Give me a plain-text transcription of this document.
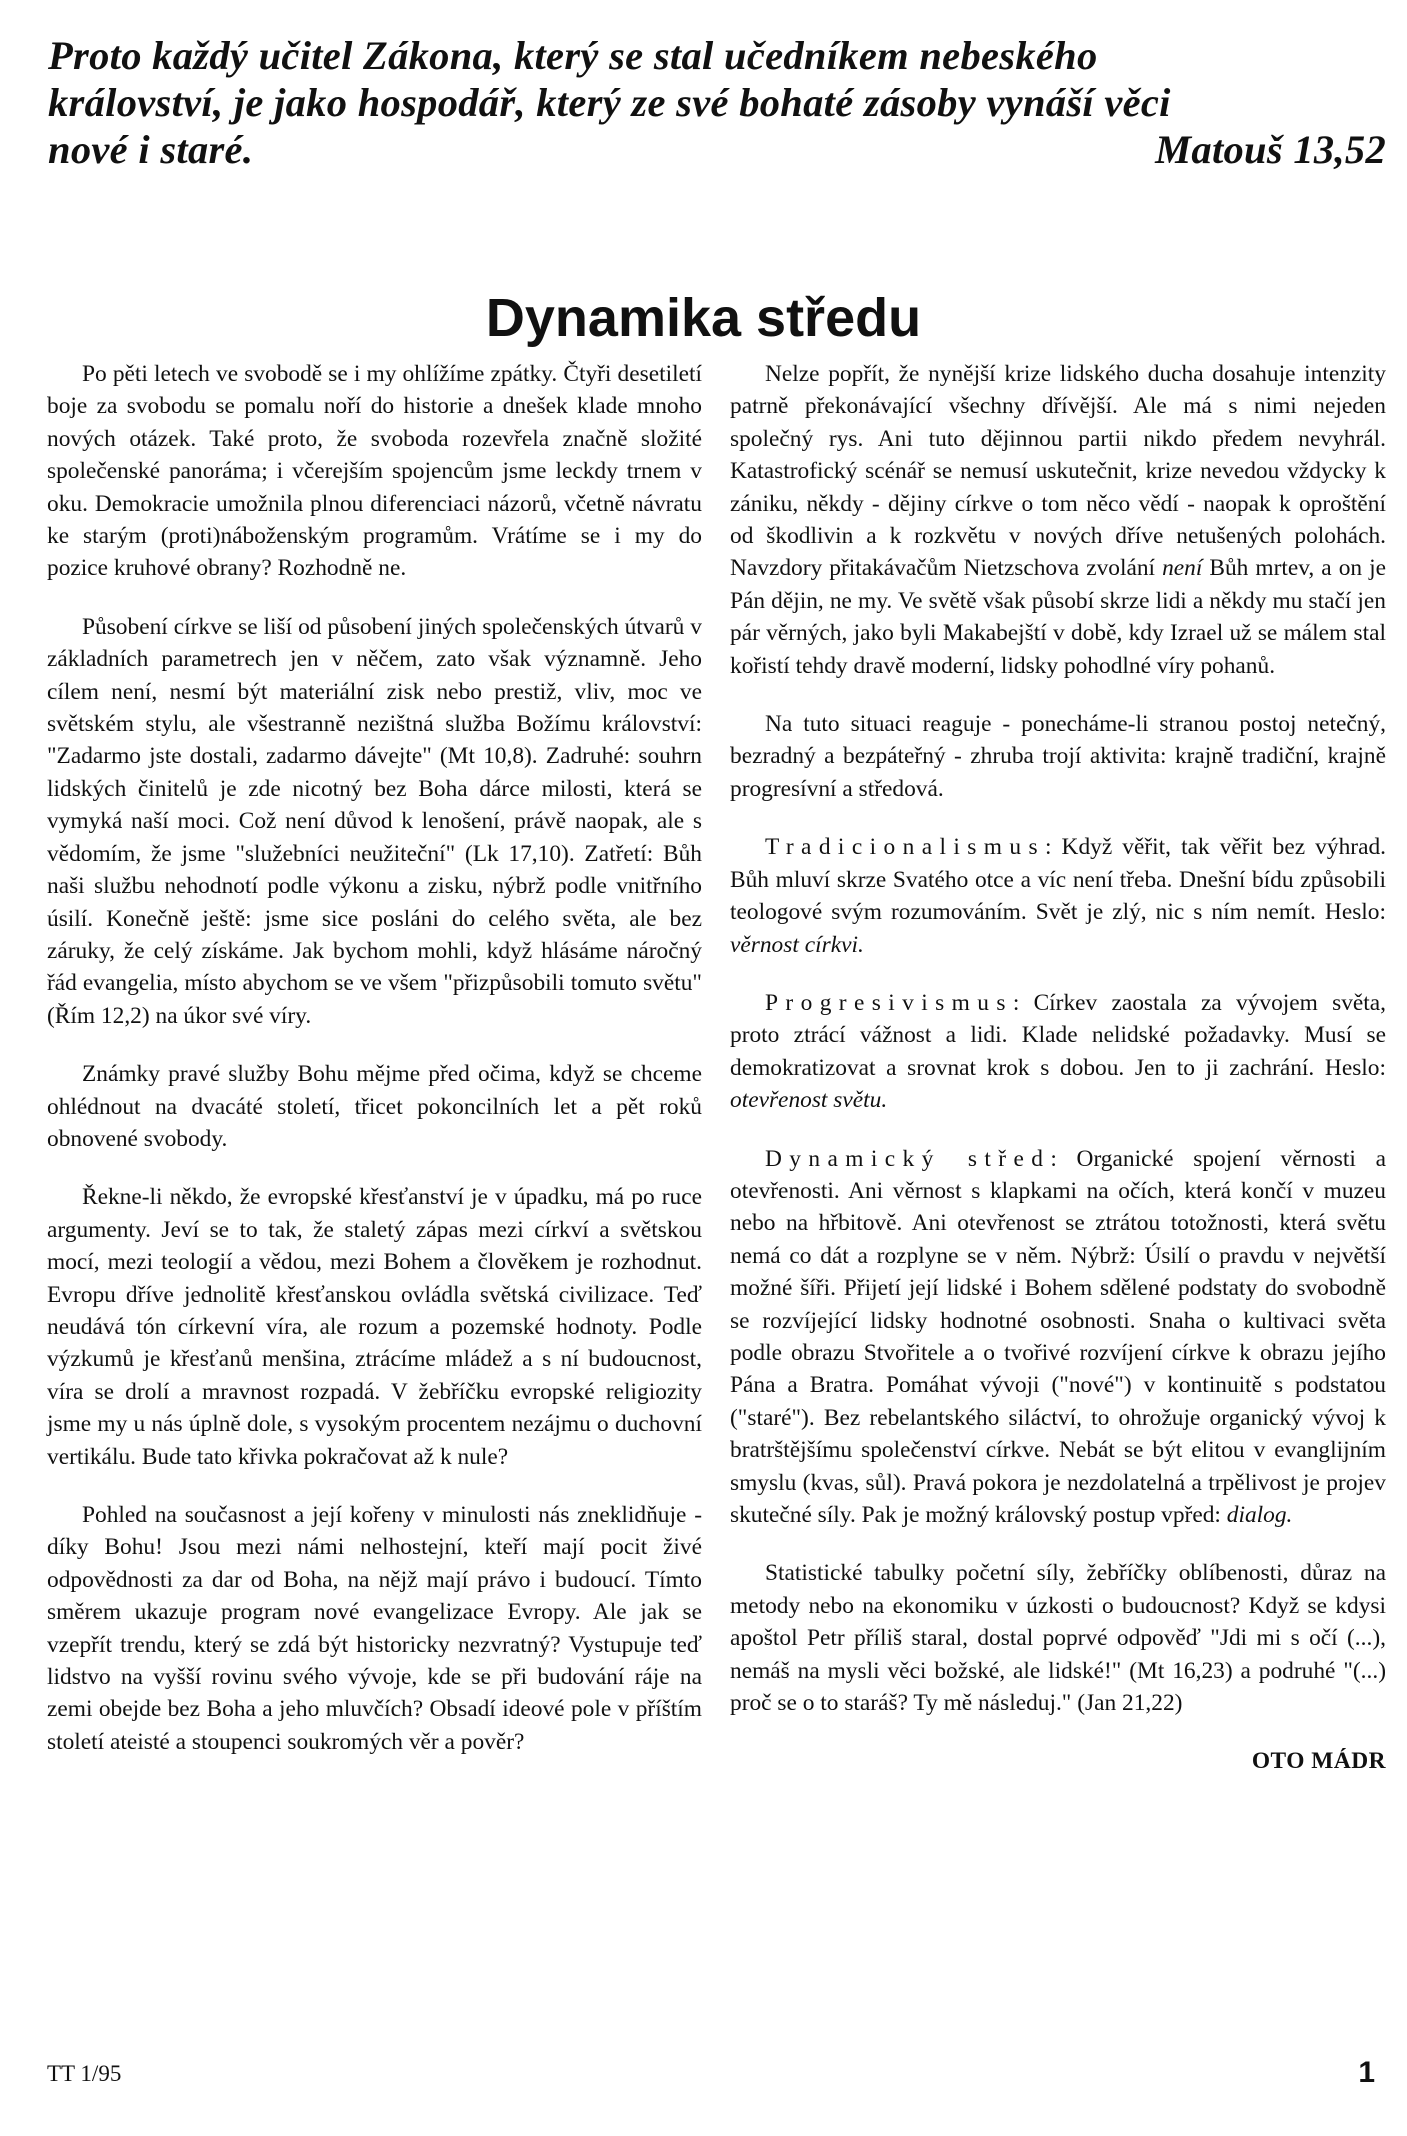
Proto každý učitel Zákona, který se stal učedníkem nebeského
království, je jako hospodář, který ze své bohaté zásoby vynáší věci
nové i staré.	Matouš 13,52
Dynamika středu

Po pěti letech ve svobodě se i my ohlížíme zpátky. Čtyři desetiletí boje za svobodu se pomalu noří do historie a dnešek klade mnoho nových otázek. Také proto, že svoboda rozevřela značně složité společenské panoráma; i včerejším spojencům jsme leckdy trnem v oku. Demokracie umožnila plnou diferenciaci názorů, včetně návratu ke starým (proti)náboženským programům. Vrátíme se i my do pozice kruhové obrany? Rozhodně ne.

Působení církve se liší od působení jiných společenských útvarů v základních parametrech jen v něčem, zato však významně. Jeho cílem není, nesmí být materiální zisk nebo prestiž, vliv, moc ve světském stylu, ale všestranně nezištná služba Božímu království: "Zadarmo jste dostali, zadarmo dávejte" (Mt 10,8). Zadruhé: souhrn lidských činitelů je zde nicotný bez Boha dárce milosti, která se vymyká naší moci. Což není důvod k lenošení, právě naopak, ale s vědomím, že jsme "služebníci neužiteční" (Lk 17,10). Zatřetí: Bůh naši službu nehodnotí podle výkonu a zisku, nýbrž podle vnitřního úsilí. Konečně ještě: jsme sice posláni do celého světa, ale bez záruky, že celý získáme. Jak bychom mohli, když hlásáme náročný řád evangelia, místo abychom se ve všem "přizpůsobili tomuto světu" (Řím 12,2) na úkor své víry.

Známky pravé služby Bohu mějme před očima, když se chceme ohlédnout na dvacáté století, třicet pokoncilních let a pět roků obnovené svobody.

Řekne-li někdo, že evropské křesťanství je v úpadku, má po ruce argumenty. Jeví se to tak, že staletý zápas mezi církví a světskou mocí, mezi teologií a vědou, mezi Bohem a člověkem je rozhodnut. Evropu dříve jednolitě křesťanskou ovládla světská civilizace. Teď neudává tón církevní víra, ale rozum a pozemské hodnoty. Podle výzkumů je křesťanů menšina, ztrácíme mládež a s ní budoucnost, víra se drolí a mravnost rozpadá. V žebříčku evropské religiozity jsme my u nás úplně dole, s vysokým procentem nezájmu o duchovní vertikálu. Bude tato křivka pokračovat až k nule?

Pohled na současnost a její kořeny v minulosti nás zneklidňuje - díky Bohu! Jsou mezi námi nelhostejní, kteří mají pocit živé odpovědnosti za dar od Boha, na nějž mají právo i budoucí. Tímto směrem ukazuje program nové evangelizace Evropy. Ale jak se vzepřít trendu, který se zdá být historicky nezvratný? Vystupuje teď lidstvo na vyšší rovinu svého vývoje, kde se při budování ráje na zemi obejde bez Boha a jeho mluvčích? Obsadí ideové pole v příštím století ateisté a stoupenci soukromých věr a pověr?

Nelze popřít, že nynější krize lidského ducha dosahuje intenzity patrně překonávající všechny dřívější. Ale má s nimi nejeden společný rys. Ani tuto dějinnou partii nikdo předem nevyhrál. Katastrofický scénář se nemusí uskutečnit, krize nevedou vždycky k zániku, někdy - dějiny církve o tom něco vědí - naopak k oproštění od škodlivin a k rozkvětu v nových dříve netušených polohách. Navzdory přitakávačům Nietzschova zvolání není Bůh mrtev, a on je Pán dějin, ne my. Ve světě však působí skrze lidi a někdy mu stačí jen pár věrných, jako byli Makabejští v době, kdy Izrael už se málem stal kořistí tehdy dravě moderní, lidsky pohodlné víry pohanů.

Na tuto situaci reaguje - ponecháme-li stranou postoj netečný, bezradný a bezpáteřný - zhruba trojí aktivita: krajně tradiční, krajně progresívní a středová.

Tradicionalismus: Když věřit, tak věřit bez výhrad. Bůh mluví skrze Svatého otce a víc není třeba. Dnešní bídu způsobili teologové svým rozumováním. Svět je zlý, nic s ním nemít. Heslo: věrnost církvi.

Progresivismus: Církev zaostala za vývojem světa, proto ztrácí vážnost a lidi. Klade nelidské požadavky. Musí se demokratizovat a srovnat krok s dobou. Jen to ji zachrání. Heslo: otevřenost světu.

Dynamický střed: Organické spojení věrnosti a otevřenosti. Ani věrnost s klapkami na očích, která končí v muzeu nebo na hřbitově. Ani otevřenost se ztrátou totožnosti, která světu nemá co dát a rozplyne se v něm. Nýbrž: Úsilí o pravdu v největší možné šíři. Přijetí její lidské i Bohem sdělené podstaty do svobodně se rozvíjející lidsky hodnotné osobnosti. Snaha o kultivaci světa podle obrazu Stvořitele a o tvořivé rozvíjení církve k obrazu jejího Pána a Bratra. Pomáhat vývoji ("nové") v kontinuitě s podstatou ("staré"). Bez rebelantského siláctví, to ohrožuje organický vývoj k bratrštějšímu společenství církve. Nebát se být elitou v evanglijním smyslu (kvas, sůl). Pravá pokora je nezdolatelná a trpělivost je projev skutečné síly. Pak je možný královský postup vpřed: dialog.

Statistické tabulky početní síly, žebříčky oblíbenosti, důraz na metody nebo na ekonomiku v úzkosti o budoucnost? Když se kdysi apoštol Petr příliš staral, dostal poprvé odpověď "Jdi mi s očí (...), nemáš na mysli věci božské, ale lidské!" (Mt 16,23) a podruhé "(...) proč se o to staráš? Ty mě následuj." (Jan 21,22)

OTO MÁDR
TT 1/95	1
